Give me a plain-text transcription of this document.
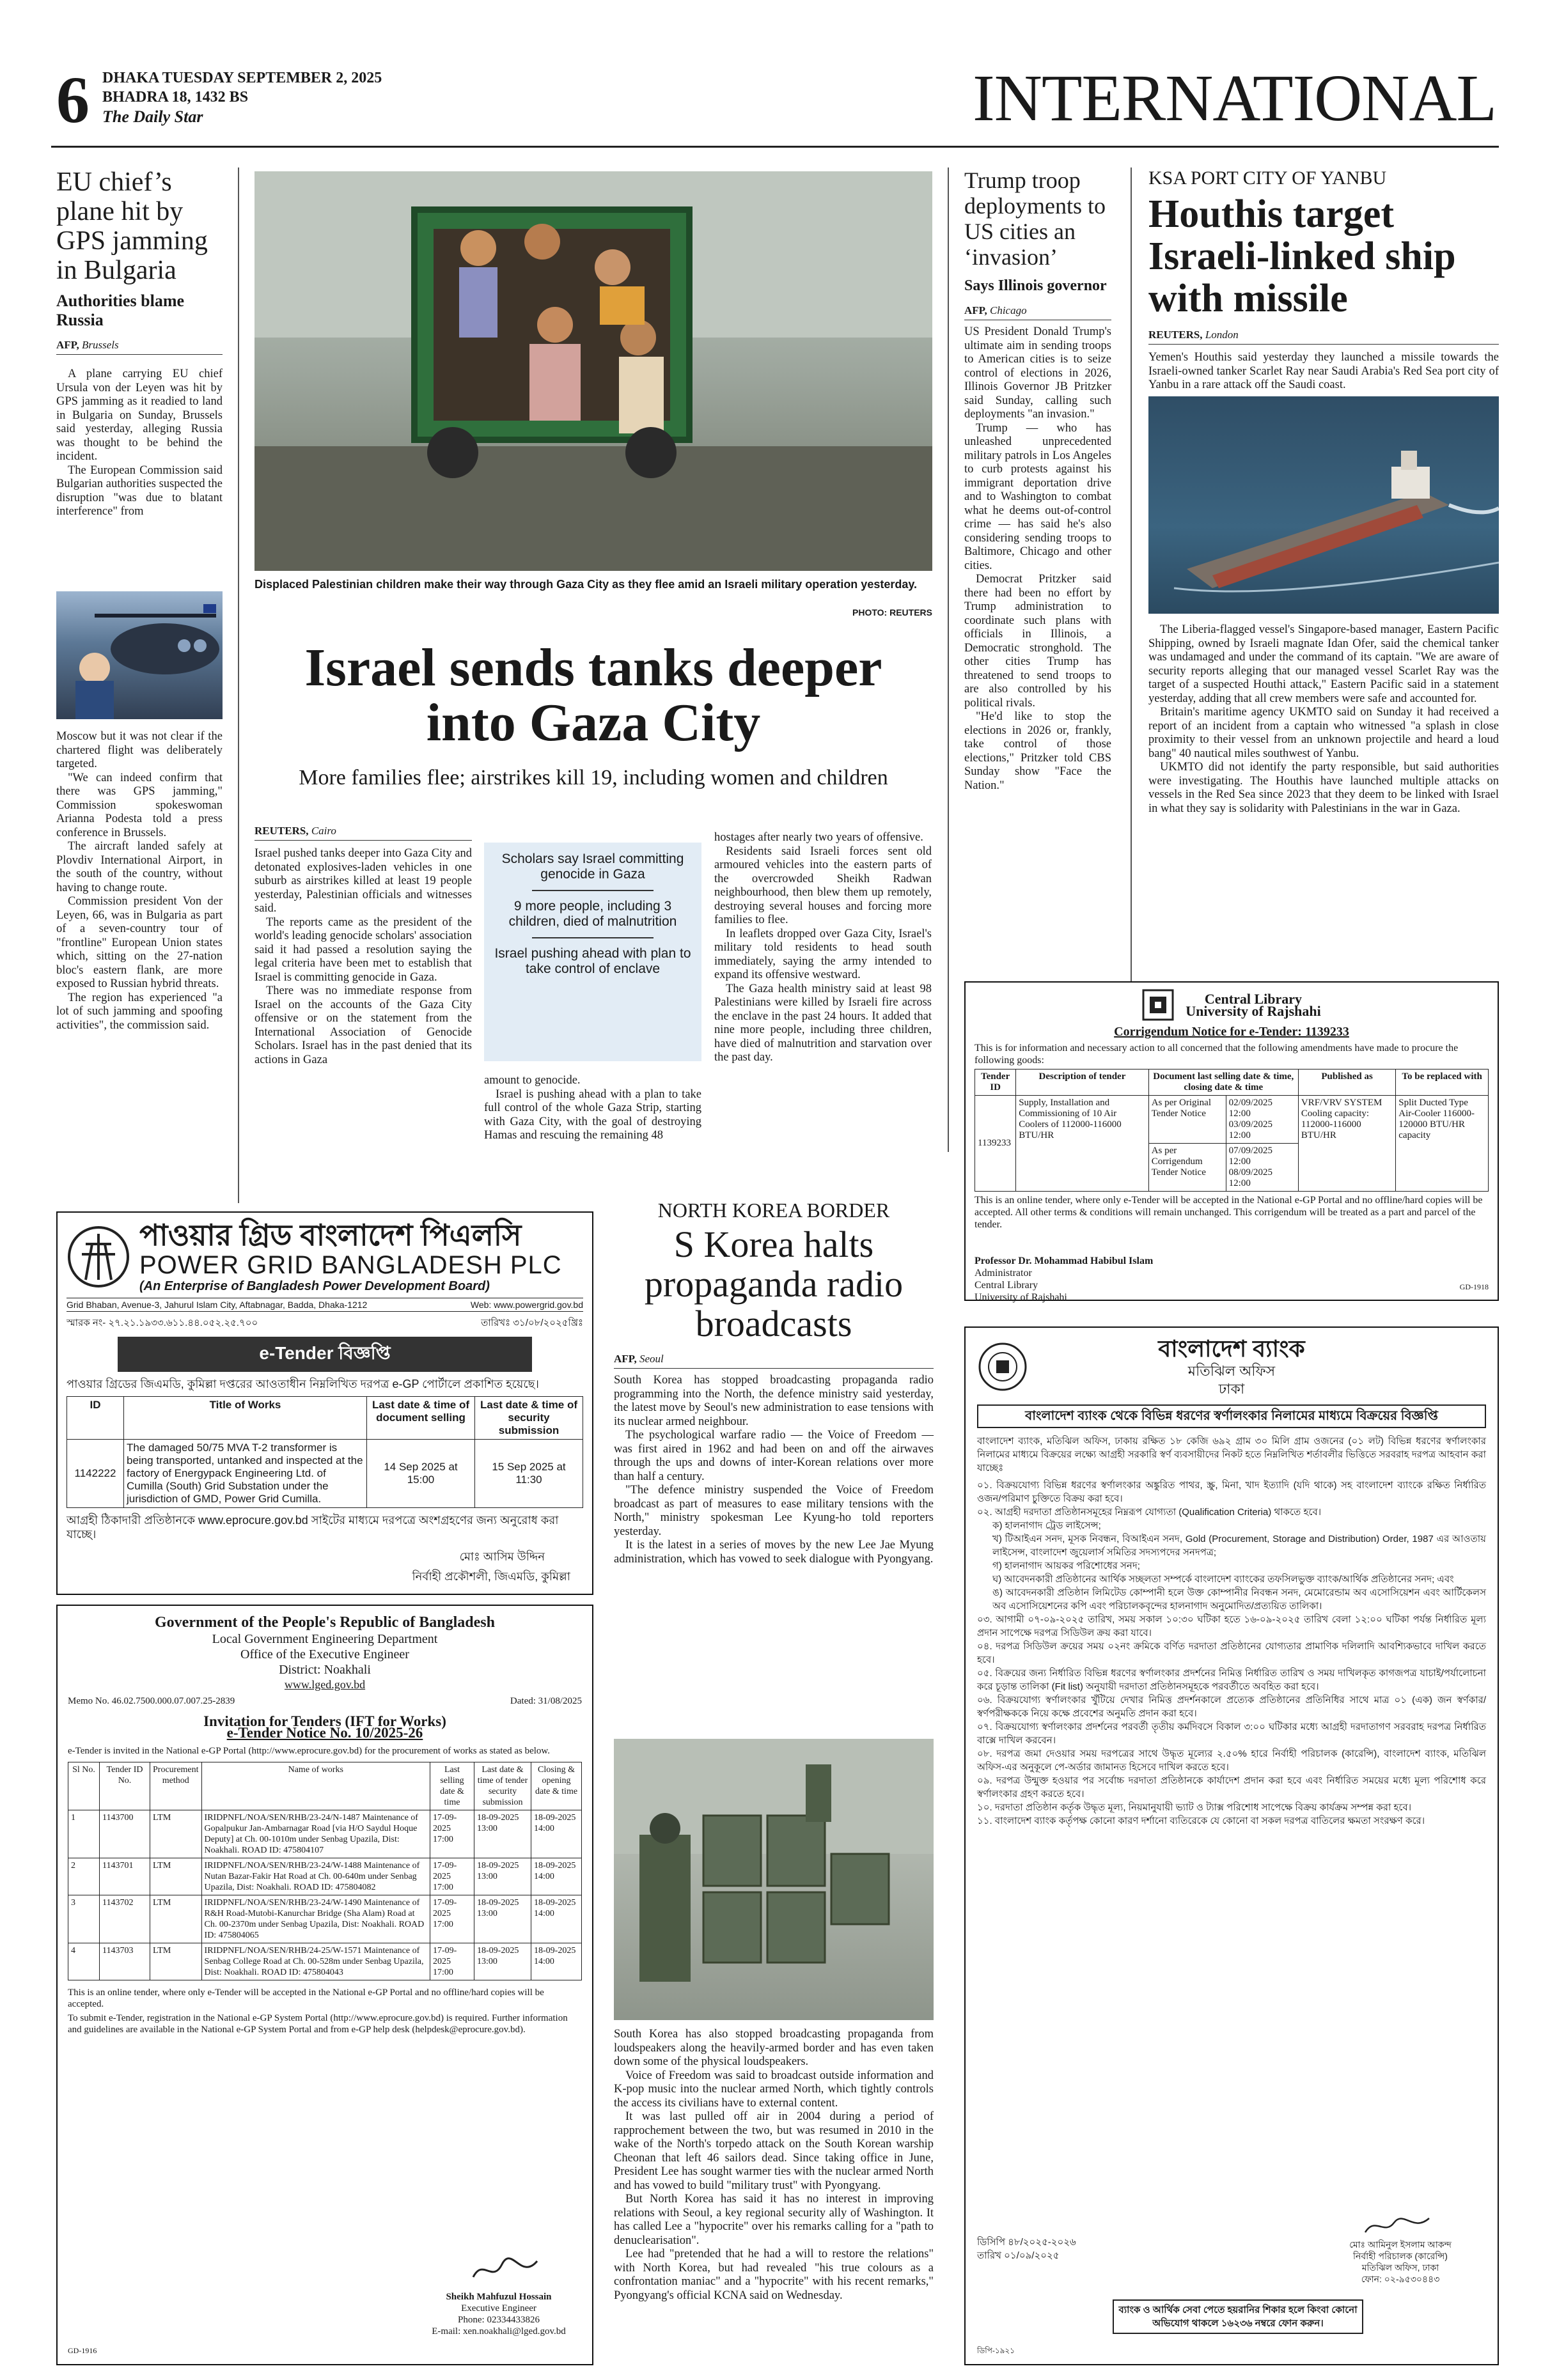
6 DHAKA TUESDAY SEPTEMBER 2, 2025
BHADRA 18, 1432 BS
The Daily Star	INTERNATIONAL
EU chief’s plane hit by GPS jamming in Bulgaria
Authorities blame Russia
AFP, Brussels

A plane carrying EU chief Ursula von der Leyen was hit by GPS jamming as it readied to land in Bulgaria on Sunday, Brussels said yesterday, alleging Russia was thought to be behind the incident.

The European Commission said Bulgarian authorities suspected the disruption "was due to blatant interference" from

Moscow but it was not clear if the chartered flight was deliberately targeted.

"We can indeed confirm that there was GPS jamming," Commission spokeswoman Arianna Podesta told a press conference in Brussels.

The aircraft landed safely at Plovdiv International Airport, in the south of the country, without having to change route.

Commission president Von der Leyen, 66, was in Bulgaria as part of a seven-country tour of "frontline" European Union states which, sitting on the 27-nation bloc's eastern flank, are more exposed to Russian hybrid threats.

The region has experienced "a lot of such jamming and spoofing activities", the commission said.

Displaced Palestinian children make their way through Gaza City as they flee amid an Israeli military operation yesterday.
PHOTO: REUTERS
Israel sends tanks deeper into Gaza City
More families flee; airstrikes kill 19, including women and children
REUTERS, Cairo

Israel pushed tanks deeper into Gaza City and detonated explosives-laden vehicles in one suburb as airstrikes killed at least 19 people yesterday, Palestinian officials and witnesses said.

The reports came as the president of the world's leading genocide scholars' association said it had passed a resolution saying the legal criteria have been met to establish that Israel is committing genocide in Gaza.

There was no immediate response from Israel on the accounts of the Gaza City offensive or on the statement from the International Association of Genocide Scholars. Israel has in the past denied that its actions in Gaza

Scholars say Israel committing genocide in Gaza
9 more people, including 3 children, died of malnutrition
Israel pushing ahead with plan to take control of enclave

amount to genocide.

Israel is pushing ahead with a plan to take full control of the whole Gaza Strip, starting with Gaza City, with the goal of destroying Hamas and rescuing the remaining 48

hostages after nearly two years of offensive.

Residents said Israeli forces sent old armoured vehicles into the eastern parts of the overcrowded Sheikh Radwan neighbourhood, then blew them up remotely, destroying several houses and forcing more families to flee.

In leaflets dropped over Gaza City, Israel's military told residents to head south immediately, saying the army intended to expand its offensive westward.

The Gaza health ministry said at least 98 Palestinians were killed by Israeli fire across the enclave in the past 24 hours. It added that nine more people, including three children, have died of malnutrition and starvation over the past day.

Trump troop deployments to US cities an ‘invasion’
Says Illinois governor
AFP, Chicago

US President Donald Trump's ultimate aim in sending troops to American cities is to seize control of elections in 2026, Illinois Governor JB Pritzker said Sunday, calling such deployments "an invasion."

Trump — who has unleashed unprecedented military patrols in Los Angeles to curb protests against his immigrant deportation drive and to Washington to combat what he deems out-of-control crime — has said he's also considering sending troops to Baltimore, Chicago and other cities.

Democrat Pritzker said there had been no effort by Trump administration to coordinate such plans with officials in Illinois, a Democratic stronghold. The other cities Trump has threatened to send troops to are also controlled by his political rivals.

"He'd like to stop the elections in 2026 or, frankly, take control of those elections," Pritzker told CBS Sunday show "Face the Nation."

KSA PORT CITY OF YANBU
Houthis target Israeli-linked ship with missile
REUTERS, London

Yemen's Houthis said yesterday they launched a missile towards the Israeli-owned tanker Scarlet Ray near Saudi Arabia's Red Sea port city of Yanbu in a rare attack off the Saudi coast.

The Liberia-flagged vessel's Singapore-based manager, Eastern Pacific Shipping, owned by Israeli magnate Idan Ofer, said the chemical tanker was undamaged and under the command of its captain. "We are aware of security reports alleging that our managed vessel Scarlet Ray was the target of a suspected Houthi attack," Eastern Pacific said in a statement yesterday, adding that all crew members were safe and accounted for.

Britain's maritime agency UKMTO said on Sunday it had received a report of an incident from a captain who witnessed "a splash in close proximity to their vessel from an unknown projectile and heard a loud bang" 40 nautical miles southwest of Yanbu.

UKMTO did not identify the party responsible, but said authorities were investigating. The Houthis have launched multiple attacks on vessels in the Red Sea since 2023 that they deem to be linked with Israel in what they say is solidarity with Palestinians in the war in Gaza.

Central Library
University of Rajshahi
Corrigendum Notice for e-Tender: 1139233
This is for information and necessary action to all concerned that the following amendments have made to procure the following goods:
Tender ID	Description of tender	Document last selling date & time, closing date & time		Published as	To be replaced with
1139233	Supply, Installation and Commissioning of 10 Air Coolers of 112000-116000 BTU/HR	As per Original Tender Notice	02/09/2025 12:00 03/09/2025 12:00	VRF/VRV SYSTEM Cooling capacity: 112000-116000 BTU/HR	Split Ducted Type Air-Cooler 116000-120000 BTU/HR capacity
		As per Corrigendum Tender Notice	07/09/2025 12:00 08/09/2025 12:00		
This is an online tender, where only e-Tender will be accepted in the National e-GP Portal and no offline/hard copies will be accepted. All other terms & conditions will remain unchanged. This corrigendum will be treated as a part and parcel of the tender.
Professor Dr. Mohammad Habibul Islam
Administrator
Central Library
University of Rajshahi
GD-1918
পাওয়ার গ্রিড বাংলাদেশ পিএলসি
POWER GRID BANGLADESH PLC
(An Enterprise of Bangladesh Power Development Board)
Grid Bhaban, Avenue-3, Jahurul Islam City, Aftabnagar, Badda, Dhaka-1212	Web: www.powergrid.gov.bd
স্মারক নং- ২৭.২১.১৯৩৩.৬১১.৪৪.০৫২.২৫.৭০০	তারিখঃ ৩১/০৮/২০২৫খ্রিঃ
e-Tender বিজ্ঞপ্তি
পাওয়ার গ্রিডের জিএমডি, কুমিল্লা দপ্তরের আওতাধীন নিম্নলিখিত দরপত্র e-GP পোর্টালে প্রকাশিত হয়েছে।
ID	Title of Works	Last date & time of document selling	Last date & time of security submission
1142222	The damaged 50/75 MVA T-2 transformer is being transported, untanked and inspected at the factory of Energypack Engineering Ltd. of Cumilla (South) Grid Substation under the jurisdiction of GMD, Power Grid Cumilla.	14 Sep 2025 at 15:00	15 Sep 2025 at 11:30
আগ্রহী ঠিকাদারী প্রতিষ্ঠানকে www.eprocure.gov.bd সাইটের মাধ্যমে দরপত্রে অংশগ্রহণের জন্য অনুরোধ করা যাচ্ছে।
মোঃ আসিম উদ্দিন
নির্বাহী প্রকৌশলী, জিএমডি, কুমিল্লা
Government of the People's Republic of Bangladesh
Local Government Engineering Department
Office of the Executive Engineer
District: Noakhali
www.lged.gov.bd
Memo No. 46.02.7500.000.07.007.25-2839	Dated: 31/08/2025
Invitation for Tenders (IFT for Works)
e-Tender Notice No. 10/2025-26
e-Tender is invited in the National e-GP Portal (http://www.eprocure.gov.bd) for the procurement of works as stated as below.
Sl No.	Tender ID No.	Procurement method	Name of works	Last selling date & time	Last date & time of tender security submission	Closing & opening date & time
1	1143700	LTM	IRIDPNFL/NOA/SEN/RHB/23-24/N-1487 Maintenance of Gopalpukur Jan-Ambarnagar Road [via H/O Saydul Hoque Deputy] at Ch. 00-1010m under Senbag Upazila, Dist: Noakhali. ROAD ID: 475804107	17-09-2025 17:00	18-09-2025 13:00	18-09-2025 14:00
2	1143701	LTM	IRIDPNFL/NOA/SEN/RHB/23-24/W-1488 Maintenance of Nutan Bazar-Fakir Hat Road at Ch. 00-640m under Senbag Upazila, Dist: Noakhali. ROAD ID: 475804082	17-09-2025 17:00	18-09-2025 13:00	18-09-2025 14:00
3	1143702	LTM	IRIDPNFL/NOA/SEN/RHB/23-24/W-1490 Maintenance of R&H Road-Mutobi-Kanurchar Bridge (Sha Alam) Road at Ch. 00-2370m under Senbag Upazila, Dist: Noakhali. ROAD ID: 475804065	17-09-2025 17:00	18-09-2025 13:00	18-09-2025 14:00
4	1143703	LTM	IRIDPNFL/NOA/SEN/RHB/24-25/W-1571 Maintenance of Senbag College Road at Ch. 00-528m under Senbag Upazila, Dist: Noakhali. ROAD ID: 475804043	17-09-2025 17:00	18-09-2025 13:00	18-09-2025 14:00
This is an online tender, where only e-Tender will be accepted in the National e-GP Portal and no offline/hard copies will be accepted.
To submit e-Tender, registration in the National e-GP System Portal (http://www.eprocure.gov.bd) is required. Further information and guidelines are available in the National e-GP System Portal and from e-GP help desk (helpdesk@eprocure.gov.bd).
Sheikh Mahfuzul Hossain
Executive Engineer
Phone: 02334433826
E-mail: xen.noakhali@lged.gov.bd
GD-1916
NORTH KOREA BORDER
S Korea halts propaganda radio broadcasts
AFP, Seoul

South Korea has stopped broadcasting propaganda radio programming into the North, the defence ministry said yesterday, the latest move by Seoul's new administration to ease tensions with its nuclear armed neighbour.

The psychological warfare radio — the Voice of Freedom — was first aired in 1962 and had been on and off the airwaves through the ups and downs of inter-Korean relations over more than half a century.

"The defence ministry suspended the Voice of Freedom broadcast as part of measures to ease military tensions with the North," ministry spokesman Lee Kyung-ho told reporters yesterday.

It is the latest in a series of moves by the new Lee Jae Myung administration, which has vowed to seek dialogue with Pyongyang.

South Korea has also stopped broadcasting propaganda from loudspeakers along the heavily-armed border and has even taken down some of the physical loudspeakers.

Voice of Freedom was said to broadcast outside information and K-pop music into the nuclear armed North, which tightly controls the access its civilians have to external content.

It was last pulled off air in 2004 during a period of rapprochement between the two, but was resumed in 2010 in the wake of the North's torpedo attack on the South Korean warship Cheonan that left 46 sailors dead. Since taking office in June, President Lee has sought warmer ties with the nuclear armed North and has vowed to build "military trust" with Pyongyang.

But North Korea has said it has no interest in improving relations with Seoul, a key regional security ally of Washington. It has called Lee a "hypocrite" over his remarks calling for a "path to denuclearisation".

Lee had "pretended that he had a will to restore the relations" with North Korea, but had revealed "his true colours as a confrontation maniac" and a "hypocrite" with his recent remarks," Pyongyang's official KCNA said on Wednesday.

বাংলাদেশ ব্যাংক
মতিঝিল অফিস
ঢাকা
বাংলাদেশ ব্যাংক থেকে বিভিন্ন ধরণের স্বর্ণালংকার নিলামের মাধ্যমে বিক্রয়ের বিজ্ঞপ্তি
বাংলাদেশ ব্যাংক, মতিঝিল অফিস, ঢাকায় রক্ষিত ১৮ কেজি ৬৯২ গ্রাম ৩০ মিলি গ্রাম ওজনের (০১ লট) বিভিন্ন ধরণের স্বর্ণালংকার নিলামের মাধ্যমে বিক্রয়ের লক্ষ্যে আগ্রহী সরকারি স্বর্ণ ব্যবসায়ীদের নিকট হতে নিম্নলিখিত শর্তাবলীর ভিত্তিতে সরবরাহ দরপত্র আহবান করা যাচ্ছেঃ
০১. বিক্রয়যোগ্য বিভিন্ন ধরণের স্বর্ণালংকার অঙ্কুরিত পাথর, স্ক্রু, মিনা, খাদ ইত্যাদি (যদি থাকে) সহ বাংলাদেশ ব্যাংকে রক্ষিত নির্ধারিত ওজন/পরিমাণ চুক্তিতে বিক্রয় করা হবে।
০২. আগ্রহী দরদাতা প্রতিষ্ঠানসমূহের নিম্নরূপ যোগ্যতা (Qualification Criteria) থাকতে হবে।
ক) হালনাগাদ ট্রেড লাইসেন্স;
খ) টিআইএন সনদ, মূসক নিবন্ধন, বিআইএন সনদ, Gold (Procurement, Storage and Distribution) Order, 1987 এর আওতায় লাইসেন্স, বাংলাদেশ জুয়েলার্স সমিতির সদস্যপদের সনদপত্র;
গ) হালনাগাদ আয়কর পরিশোধের সনদ;
ঘ) আবেদনকারী প্রতিষ্ঠানের আর্থিক সচ্ছলতা সম্পর্কে বাংলাদেশ ব্যাংকের তফসিলভুক্ত ব্যাংক/আর্থিক প্রতিষ্ঠানের সনদ; এবং
ঙ) আবেদনকারী প্রতিষ্ঠান লিমিটেড কোম্পানী হলে উক্ত কোম্পানীর নিবন্ধন সনদ, মেমোরেন্ডাম অব এসোসিয়েশন এবং আর্টিকেলস অব এসোসিয়েশনের কপি এবং পরিচালকবৃন্দের হালনাগাদ অনুমোদিত/প্রত্যয়িত তালিকা।
০৩. আগামী ০৭-০৯-২০২৫ তারিখ, সময় সকাল ১০:৩০ ঘটিকা হতে ১৬-০৯-২০২৫ তারিখ বেলা ১২:০০ ঘটিকা পর্যন্ত নির্ধারিত মূল্য প্রদান সাপেক্ষে দরপত্র সিডিউল ক্রয় করা যাবে।
০৪. দরপত্র সিডিউল ক্রয়ের সময় ০২নং ক্রমিকে বর্ণিত দরদাতা প্রতিষ্ঠানের যোগ্যতার প্রামাণিক দলিলাদি আবশ্যিকভাবে দাখিল করতে হবে।
০৫. বিক্রয়ের জন্য নির্ধারিত বিভিন্ন ধরণের স্বর্ণালংকার প্রদর্শনের নিমিত্ত নির্ধারিত তারিখ ও সময় দাখিলকৃত কাগজপত্র যাচাই/পর্যালোচনা করে চূড়ান্ত তালিকা (Fit list) অনুযায়ী দরদাতা প্রতিষ্ঠানসমূহকে পরবর্তীতে অবহিত করা হবে।
০৬. বিক্রয়যোগ্য স্বর্ণালংকার খুঁটিয়ে দেখার নিমিত্ত প্রদর্শনকালে প্রত্যেক প্রতিষ্ঠানের প্রতিনিধির সাথে মাত্র ০১ (এক) জন স্বর্ণকার/স্বর্ণপরীক্ষককে নিয়ে কক্ষে প্রবেশের অনুমতি প্রদান করা হবে।
০৭. বিক্রয়যোগ্য স্বর্ণালংকার প্রদর্শনের পরবর্তী তৃতীয় কর্মদিবসে বিকাল ৩:০০ ঘটিকার মধ্যে আগ্রহী দরদাতাগণ সরবরাহ দরপত্র নির্ধারিত বাক্সে দাখিল করবেন।
০৮. দরপত্র জমা দেওয়ার সময় দরপত্রের সাথে উদ্ধৃত মূল্যের ২.৫০% হারে নির্বাহী পরিচালক (কারেন্সি), বাংলাদেশ ব্যাংক, মতিঝিল অফিস-এর অনুকূলে পে-অর্ডার জামানত হিসেবে দাখিল করতে হবে।
০৯. দরপত্র উন্মুক্ত হওয়ার পর সর্বোচ্চ দরদাতা প্রতিষ্ঠানকে কার্যাদেশ প্রদান করা হবে এবং নির্ধারিত সময়ের মধ্যে মূল্য পরিশোধ করে স্বর্ণালংকার গ্রহণ করতে হবে।
১০. দরদাতা প্রতিষ্ঠান কর্তৃক উদ্ধৃত মূল্য, নিয়মানুযায়ী ভ্যাট ও ট্যাক্স পরিশোধ সাপেক্ষে বিক্রয় কার্যক্রম সম্পন্ন করা হবে।
১১. বাংলাদেশ ব্যাংক কর্তৃপক্ষ কোনো কারণ দর্শানো ব্যতিরেকে যে কোনো বা সকল দরপত্র বাতিলের ক্ষমতা সংরক্ষণ করে।
ডিসিপি ৪৮/২০২৫-২০২৬
তারিখ ০১/০৯/২০২৫
মোঃ আমিনুল ইসলাম আকন্দ
নির্বাহী পরিচালক (কারেন্সি)
মতিঝিল অফিস, ঢাকা
ফোন: ০২-৯৫৩০৪৪৩
ব্যাংক ও আর্থিক সেবা পেতে হয়রানির শিকার হলে কিংবা কোনো অভিযোগ থাকলে ১৬২৩৬ নম্বরে ফোন করুন।
ডিপি-১৯২১
